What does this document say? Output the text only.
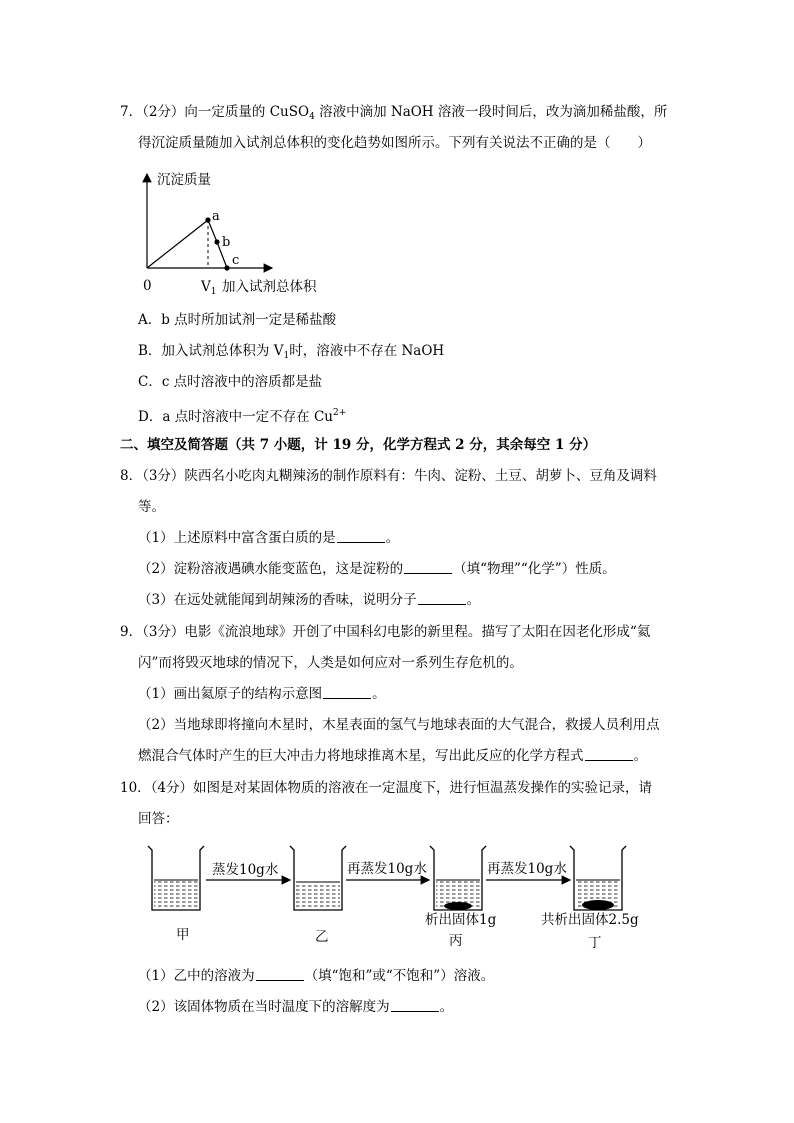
7．（2分）向一定质量的 CuSO$_4$ 溶液中滴加 NaOH 溶液一段时间后，改为滴加稀盐酸，所
得沉淀质量随加入试剂总体积的变化趋势如图所示。下列有关说法不正确的是（　　）
a
b
c
沉淀质量
0	$V_1$ 加入试剂总体积
A．b 点时所加试剂一定是稀盐酸
B．加入试剂总体积为 $V_1$时，溶液中不存在 NaOH
C．c 点时溶液中的溶质都是盐
D．a 点时溶液中一定不存在 $Cu^{2+}$
二、填空及简答题（共 7 小题，计 19 分，化学方程式 2 分，其余每空 1 分）
8．（3分）陕西名小吃肉丸糊辣汤的制作原料有：牛肉、淀粉、土豆、胡萝卜、豆角及调料
等。
（1）上述原料中富含蛋白质的是	。
（2）淀粉溶液遇碘水能变蓝色，这是淀粉的	（填“物理”“化学”）性质。
（3）在远处就能闻到胡辣汤的香味，说明分子	。
9．（3分）电影《流浪地球》开创了中国科幻电影的新里程。描写了太阳在因老化形成“氦
闪”而将毁灭地球的情况下，人类是如何应对一系列生存危机的。
（1）画出氦原子的结构示意图	。
（2）当地球即将撞向木星时，木星表面的氢气与地球表面的大气混合，救援人员利用点
燃混合气体时产生的巨大冲击力将地球推离木星，写出此反应的化学方程式	。
10．（4分）如图是对某固体物质的溶液在一定温度下，进行恒温蒸发操作的实验记录，请
回答：
蒸发10g水	再蒸发10g水	再蒸发10g水
甲	乙
析出固体1g
丙
共析出固体2.5g
丁
（1）乙中的溶液为	（填“饱和”或“不饱和”）溶液。
（2）该固体物质在当时温度下的溶解度为	。
